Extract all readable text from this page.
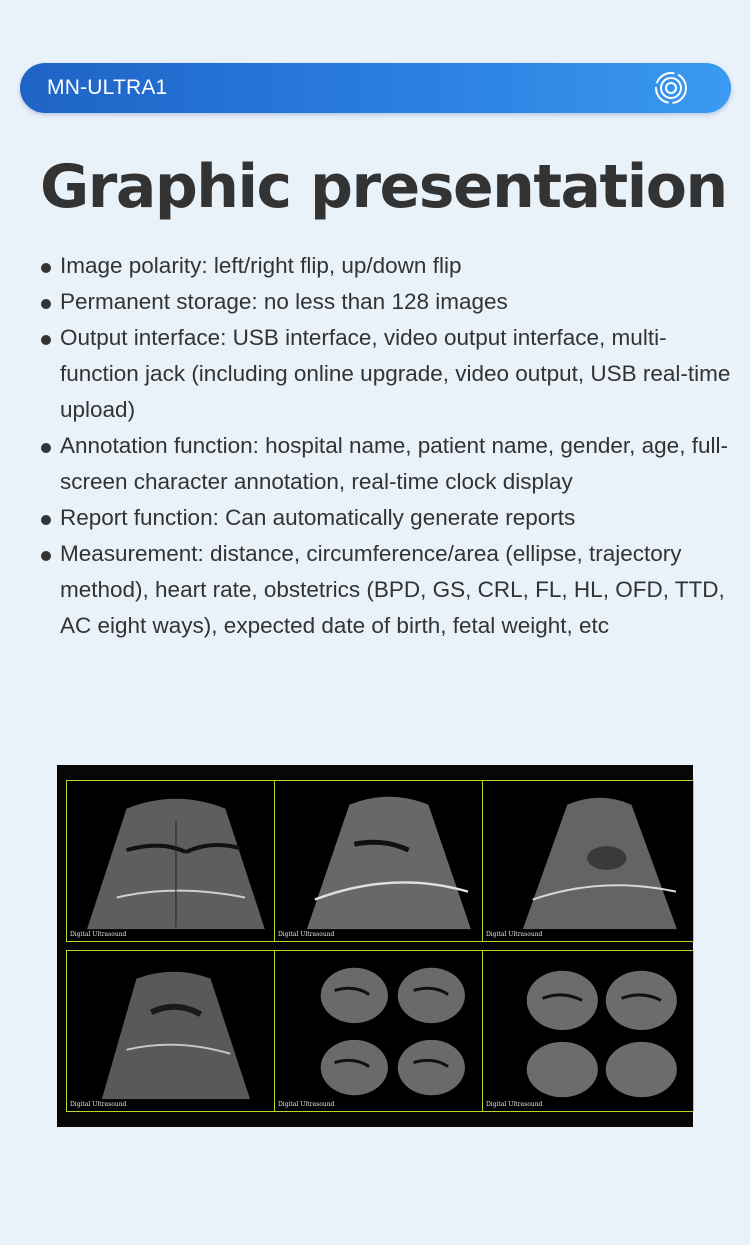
MN-ULTRA1
Graphic presentation
Image polarity: left/right flip, up/down flip
Permanent storage: no less than 128 images
Output interface: USB interface, video output interface, multi-function jack (including online upgrade, video output, USB real-time upload)
Annotation function: hospital name, patient name, gender, age, full-screen character annotation, real-time clock display
Report function: Can automatically generate reports
Measurement: distance, circumference/area (ellipse, trajectory method), heart rate, obstetrics (BPD, GS, CRL, FL, HL, OFD, TTD, AC eight ways), expected date of birth, fetal weight, etc
Digital Ultrasound	Digital Ultrasound	Digital Ultrasound
Digital Ultrasound	Digital Ultrasound	Digital Ultrasound
